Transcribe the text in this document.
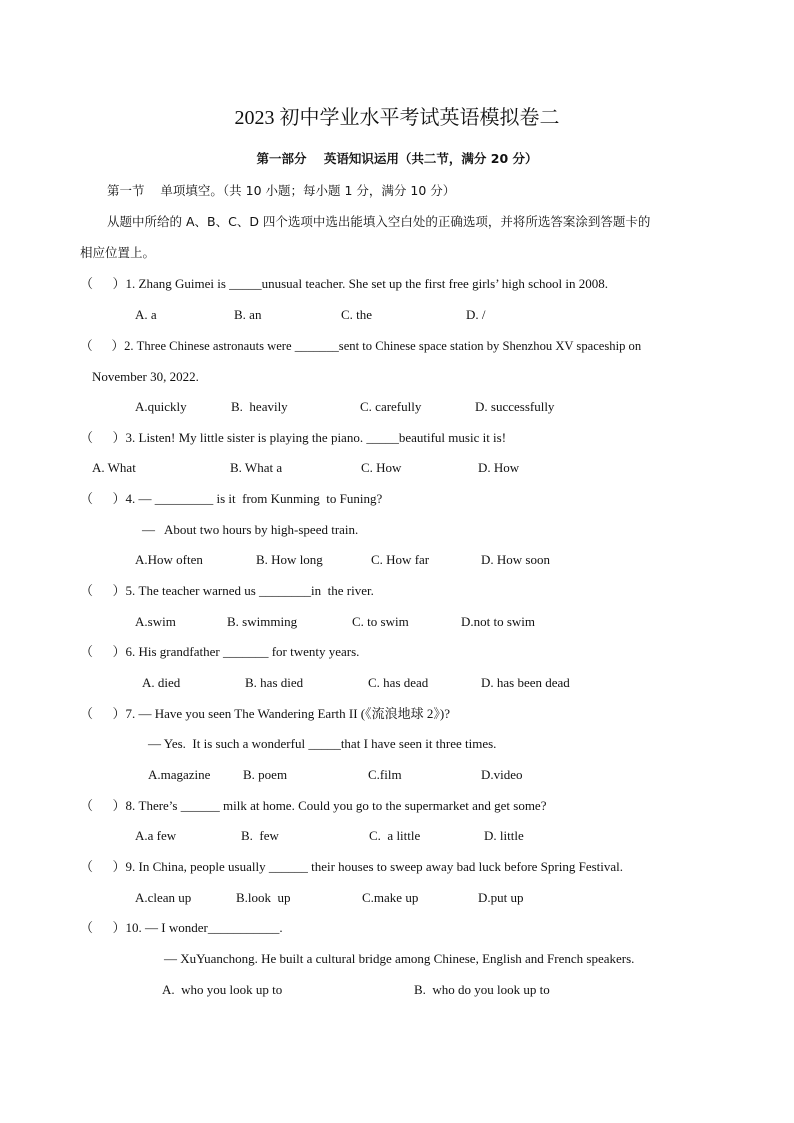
2023 初中学业水平考试英语模拟卷二
第一部分    英语知识运用（共二节，满分 20 分）
第一节    单项填空。（共 10 小题；每小题 1 分，满分 10 分）
从题中所给的 A、B、C、D 四个选项中选出能填入空白处的正确选项，并将所选答案涂到答题卡的
相应位置上。
（      ）1. Zhang Guimei is _____unusual teacher. She set up the first free girls’ high school in 2008.
A. a	B. an	C. the	D. /
（      ）2. Three Chinese astronauts were _______sent to Chinese space station by Shenzhou XV spaceship on
November 30, 2022.
A.quickly	B.  heavily	C. carefully	D. successfully
（      ）3. Listen! My little sister is playing the piano. _____beautiful music it is!
A. What	B. What a	C. How	D. How
（      ）4. — _________ is it  from Kunming  to Funing?
—   About two hours by high-speed train.
A.How often	B. How long	C. How far	D. How soon
（      ）5. The teacher warned us ________in  the river.
A.swim	B. swimming	C. to swim	D.not to swim
（      ）6. His grandfather _______ for twenty years.
A. died	B. has died	C. has dead	D. has been dead
（      ）7. — Have you seen The Wandering Earth II (《流浪地球 2》)?
— Yes.  It is such a wonderful _____that I have seen it three times.
A.magazine	B. poem	C.film	D.video
（      ）8. There’s ______ milk at home. Could you go to the supermarket and get some?
A.a few	B.  few	C.  a little	D. little
（      ）9. In China, people usually ______ their houses to sweep away bad luck before Spring Festival.
A.clean up	B.look  up	C.make up	D.put up
（      ）10. — I wonder___________.
— XuYuanchong. He built a cultural bridge among Chinese, English and French speakers.
A.  who you look up to	B.  who do you look up to
